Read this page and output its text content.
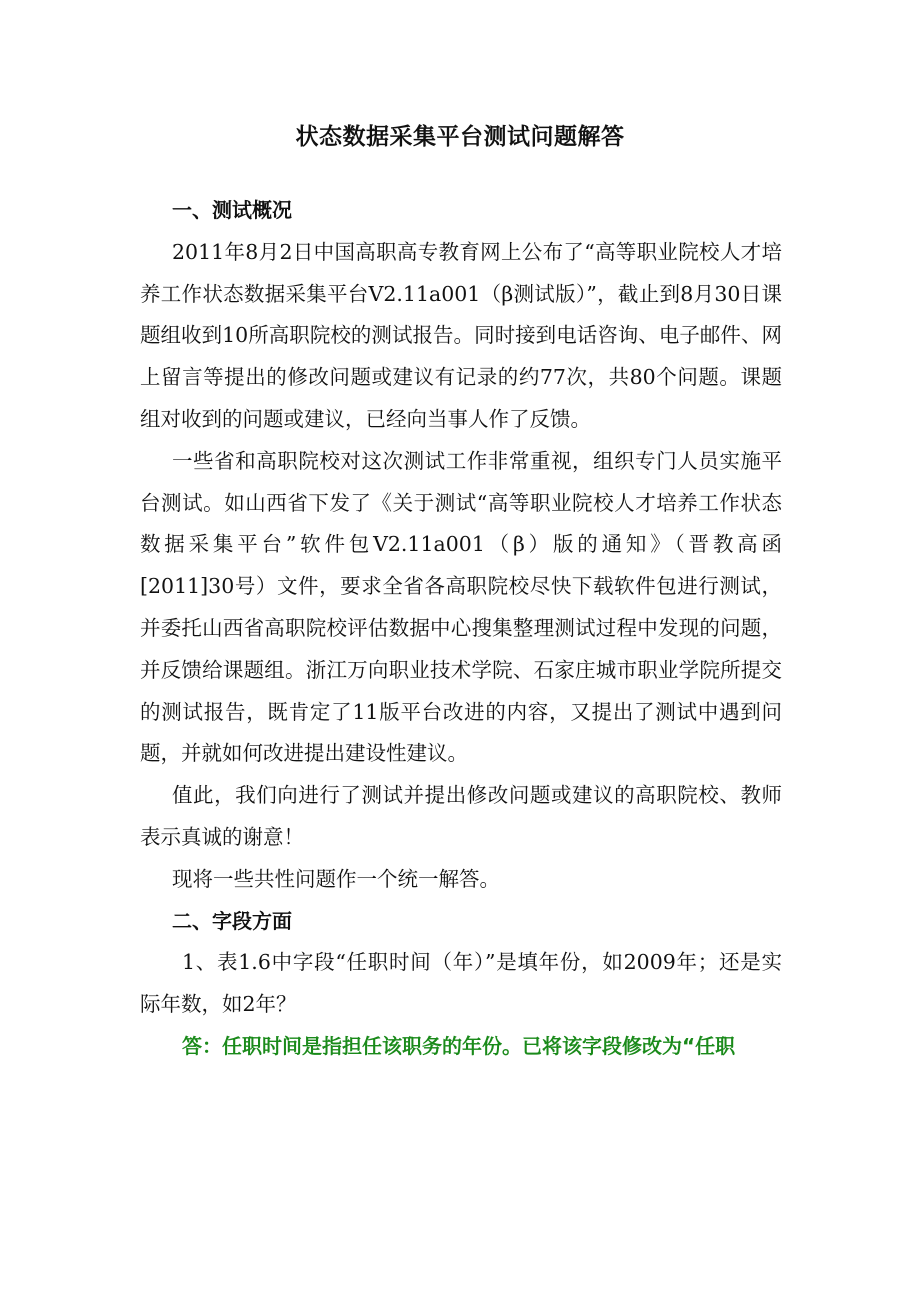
状态数据采集平台测试问题解答

一、测试概况

2011年8月2日中国高职高专教育网上公布了“高等职业院校人才培养工作状态数据采集平台V2.11a001（β测试版）”，截止到8月30日课题组收到10所高职院校的测试报告。同时接到电话咨询、电子邮件、网上留言等提出的修改问题或建议有记录的约77次，共80个问题。课题组对收到的问题或建议，已经向当事人作了反馈。

一些省和高职院校对这次测试工作非常重视，组织专门人员实施平台测试。如山西省下发了《关于测试“高等职业院校人才培养工作状态数据采集平台”软件包V2.11a001（β）版的通知》（晋教高函[2011]30号）文件，要求全省各高职院校尽快下载软件包进行测试，并委托山西省高职院校评估数据中心搜集整理测试过程中发现的问题，并反馈给课题组。浙江万向职业技术学院、石家庄城市职业学院所提交的测试报告，既肯定了11版平台改进的内容，又提出了测试中遇到问题，并就如何改进提出建设性建议。

值此，我们向进行了测试并提出修改问题或建议的高职院校、教师表示真诚的谢意！

现将一些共性问题作一个统一解答。

二、字段方面

1、表1.6中字段“任职时间（年）”是填年份，如2009年；还是实际年数，如2年？

答：任职时间是指担任该职务的年份。已将该字段修改为“任职
